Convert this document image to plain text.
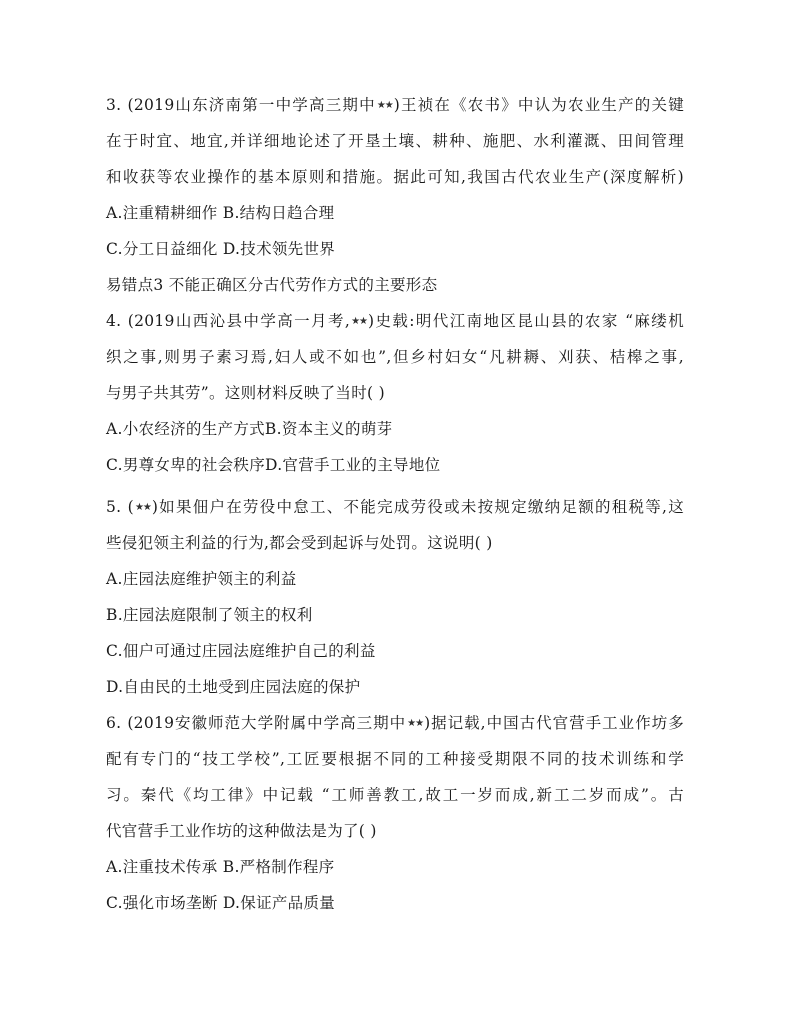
3. (2019山东济南第一中学高三期中★★)王祯在《农书》中认为农业生产的关键
在于时宜、地宜,并详细地论述了开垦土壤、耕种、施肥、水利灌溉、田间管理
和收获等农业操作的基本原则和措施。据此可知,我国古代农业生产(深度解析)
A.注重精耕细作 B.结构日趋合理
C.分工日益细化 D.技术领先世界
易错点3 不能正确区分古代劳作方式的主要形态
4. (2019山西沁县中学高一月考,★★)史载:明代江南地区昆山县的农家 “麻缕机
织之事,则男子素习焉,妇人或不如也”,但乡村妇女“凡耕耨、刈获、桔槔之事,
与男子共其劳”。这则材料反映了当时( )
A.小农经济的生产方式B.资本主义的萌芽
C.男尊女卑的社会秩序D.官营手工业的主导地位
5. (★★)如果佃户在劳役中怠工、不能完成劳役或未按规定缴纳足额的租税等,这
些侵犯领主利益的行为,都会受到起诉与处罚。这说明( )
A.庄园法庭维护领主的利益
B.庄园法庭限制了领主的权利
C.佃户可通过庄园法庭维护自己的利益
D.自由民的土地受到庄园法庭的保护
6. (2019安徽师范大学附属中学高三期中★★)据记载,中国古代官营手工业作坊多
配有专门的“技工学校”,工匠要根据不同的工种接受期限不同的技术训练和学
习。秦代《均工律》中记载 “工师善教工,故工一岁而成,新工二岁而成”。古
代官营手工业作坊的这种做法是为了( )
A.注重技术传承 B.严格制作程序
C.强化市场垄断 D.保证产品质量
